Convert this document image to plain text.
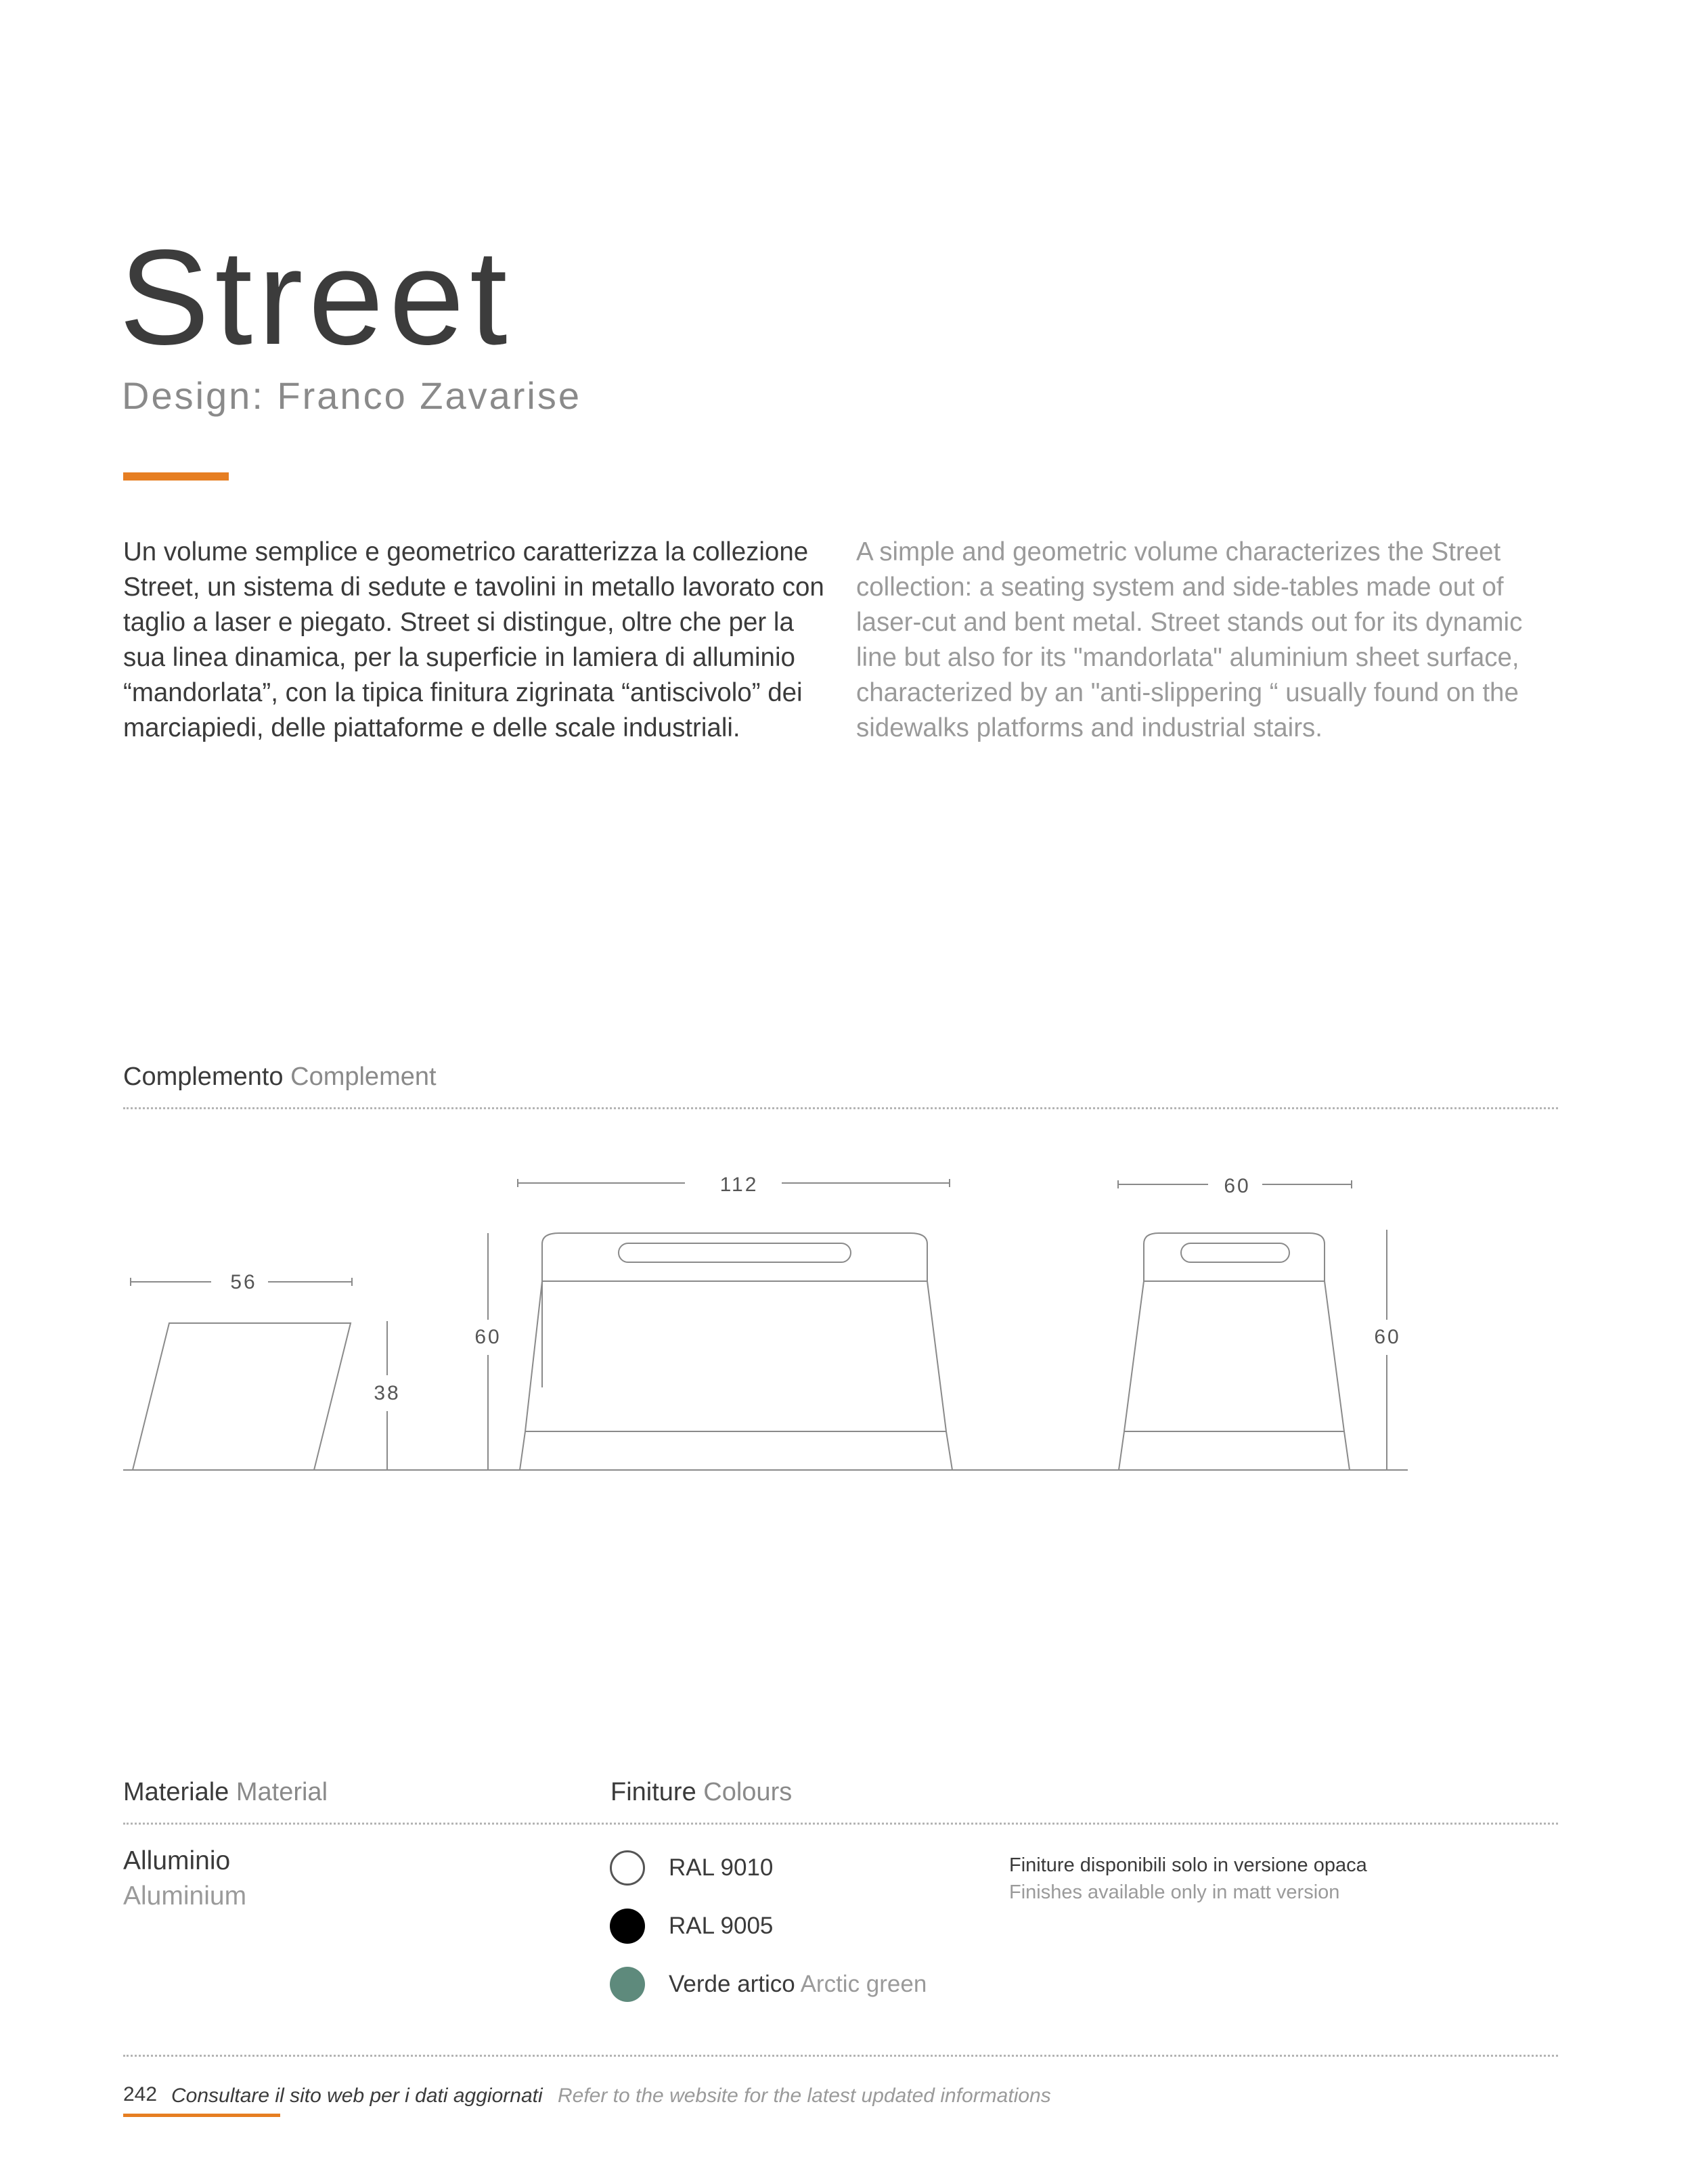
Street
Design: Franco Zavarise
Un volume semplice e geometrico caratterizza la collezione Street, un sistema di sedute e tavolini in metallo lavorato con taglio a laser e piegato. Street si distingue, oltre che per la sua linea dinamica, per la superficie in lamiera di alluminio “mandorlata”, con la tipica finitura zigrinata “antiscivolo” dei marciapiedi, delle piattaforme e delle scale industriali.
A simple and geometric volume characterizes the Street collection: a seating system and side-tables made out of laser-cut and bent metal. Street stands out for its dynamic line but also for its "mandorlata" aluminium sheet surface, characterized by an "anti-slippering “ usually found on the sidewalks platforms and industrial stairs.
Complemento Complement
56
38
112
60
60
60
Materiale Material	Finiture Colours
Alluminio
Aluminium
RAL 9010
RAL 9005
Verde artico Arctic green
Finiture disponibili solo in versione opaca
Finishes available only in matt version
242 Consultare il sito web per i dati aggiornati Refer to the website for the latest updated informations
